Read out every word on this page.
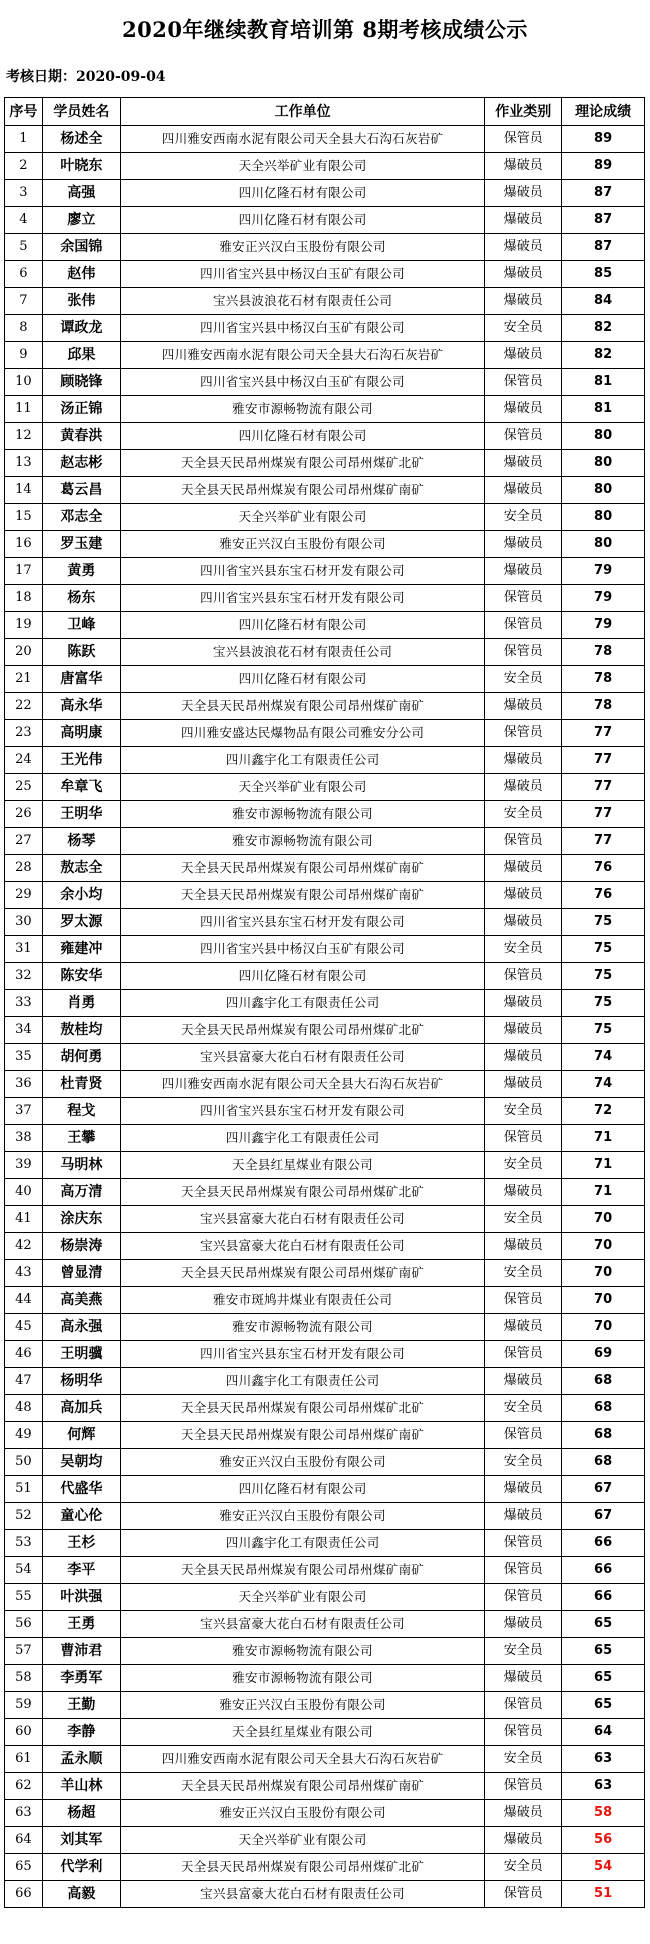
2020年继续教育培训第 8期考核成绩公示
考核日期：2020-09-04
序号	学员姓名	工作单位	作业类别	理论成绩
1	杨述全	四川雅安西南水泥有限公司天全县大石沟石灰岩矿	保管员	89
2	叶晓东	天全兴举矿业有限公司	爆破员	89
3	高强	四川亿隆石材有限公司	爆破员	87
4	廖立	四川亿隆石材有限公司	爆破员	87
5	余国锦	雅安正兴汉白玉股份有限公司	爆破员	87
6	赵伟	四川省宝兴县中杨汉白玉矿有限公司	爆破员	85
7	张伟	宝兴县波浪花石材有限责任公司	爆破员	84
8	谭政龙	四川省宝兴县中杨汉白玉矿有限公司	安全员	82
9	邱果	四川雅安西南水泥有限公司天全县大石沟石灰岩矿	爆破员	82
10	顾晓锋	四川省宝兴县中杨汉白玉矿有限公司	保管员	81
11	汤正锦	雅安市源畅物流有限公司	爆破员	81
12	黄春洪	四川亿隆石材有限公司	保管员	80
13	赵志彬	天全县天民昂州煤炭有限公司昂州煤矿北矿	爆破员	80
14	葛云昌	天全县天民昂州煤炭有限公司昂州煤矿南矿	爆破员	80
15	邓志全	天全兴举矿业有限公司	安全员	80
16	罗玉建	雅安正兴汉白玉股份有限公司	爆破员	80
17	黄勇	四川省宝兴县东宝石材开发有限公司	爆破员	79
18	杨东	四川省宝兴县东宝石材开发有限公司	保管员	79
19	卫峰	四川亿隆石材有限公司	保管员	79
20	陈跃	宝兴县波浪花石材有限责任公司	保管员	78
21	唐富华	四川亿隆石材有限公司	安全员	78
22	高永华	天全县天民昂州煤炭有限公司昂州煤矿南矿	爆破员	78
23	高明康	四川雅安盛达民爆物品有限公司雅安分公司	保管员	77
24	王光伟	四川鑫宇化工有限责任公司	爆破员	77
25	牟章飞	天全兴举矿业有限公司	爆破员	77
26	王明华	雅安市源畅物流有限公司	安全员	77
27	杨琴	雅安市源畅物流有限公司	保管员	77
28	敖志全	天全县天民昂州煤炭有限公司昂州煤矿南矿	爆破员	76
29	余小均	天全县天民昂州煤炭有限公司昂州煤矿南矿	爆破员	76
30	罗太源	四川省宝兴县东宝石材开发有限公司	爆破员	75
31	雍建冲	四川省宝兴县中杨汉白玉矿有限公司	安全员	75
32	陈安华	四川亿隆石材有限公司	保管员	75
33	肖勇	四川鑫宇化工有限责任公司	爆破员	75
34	敖桂均	天全县天民昂州煤炭有限公司昂州煤矿北矿	爆破员	75
35	胡何勇	宝兴县富豪大花白石材有限责任公司	爆破员	74
36	杜青贤	四川雅安西南水泥有限公司天全县大石沟石灰岩矿	爆破员	74
37	程戈	四川省宝兴县东宝石材开发有限公司	安全员	72
38	王攀	四川鑫宇化工有限责任公司	保管员	71
39	马明林	天全县红星煤业有限公司	安全员	71
40	高万清	天全县天民昂州煤炭有限公司昂州煤矿北矿	爆破员	71
41	涂庆东	宝兴县富豪大花白石材有限责任公司	安全员	70
42	杨崇涛	宝兴县富豪大花白石材有限责任公司	爆破员	70
43	曾显清	天全县天民昂州煤炭有限公司昂州煤矿南矿	安全员	70
44	高美燕	雅安市斑鸠井煤业有限责任公司	保管员	70
45	高永强	雅安市源畅物流有限公司	爆破员	70
46	王明骥	四川省宝兴县东宝石材开发有限公司	保管员	69
47	杨明华	四川鑫宇化工有限责任公司	爆破员	68
48	高加兵	天全县天民昂州煤炭有限公司昂州煤矿北矿	安全员	68
49	何辉	天全县天民昂州煤炭有限公司昂州煤矿南矿	保管员	68
50	吴朝均	雅安正兴汉白玉股份有限公司	安全员	68
51	代盛华	四川亿隆石材有限公司	爆破员	67
52	童心伦	雅安正兴汉白玉股份有限公司	爆破员	67
53	王杉	四川鑫宇化工有限责任公司	保管员	66
54	李平	天全县天民昂州煤炭有限公司昂州煤矿南矿	保管员	66
55	叶洪强	天全兴举矿业有限公司	保管员	66
56	王勇	宝兴县富豪大花白石材有限责任公司	爆破员	65
57	曹沛君	雅安市源畅物流有限公司	安全员	65
58	李勇军	雅安市源畅物流有限公司	爆破员	65
59	王勤	雅安正兴汉白玉股份有限公司	保管员	65
60	李静	天全县红星煤业有限公司	保管员	64
61	孟永顺	四川雅安西南水泥有限公司天全县大石沟石灰岩矿	安全员	63
62	羊山林	天全县天民昂州煤炭有限公司昂州煤矿南矿	保管员	63
63	杨超	雅安正兴汉白玉股份有限公司	爆破员	58
64	刘其军	天全兴举矿业有限公司	爆破员	56
65	代学利	天全县天民昂州煤炭有限公司昂州煤矿北矿	安全员	54
66	高毅	宝兴县富豪大花白石材有限责任公司	保管员	51
